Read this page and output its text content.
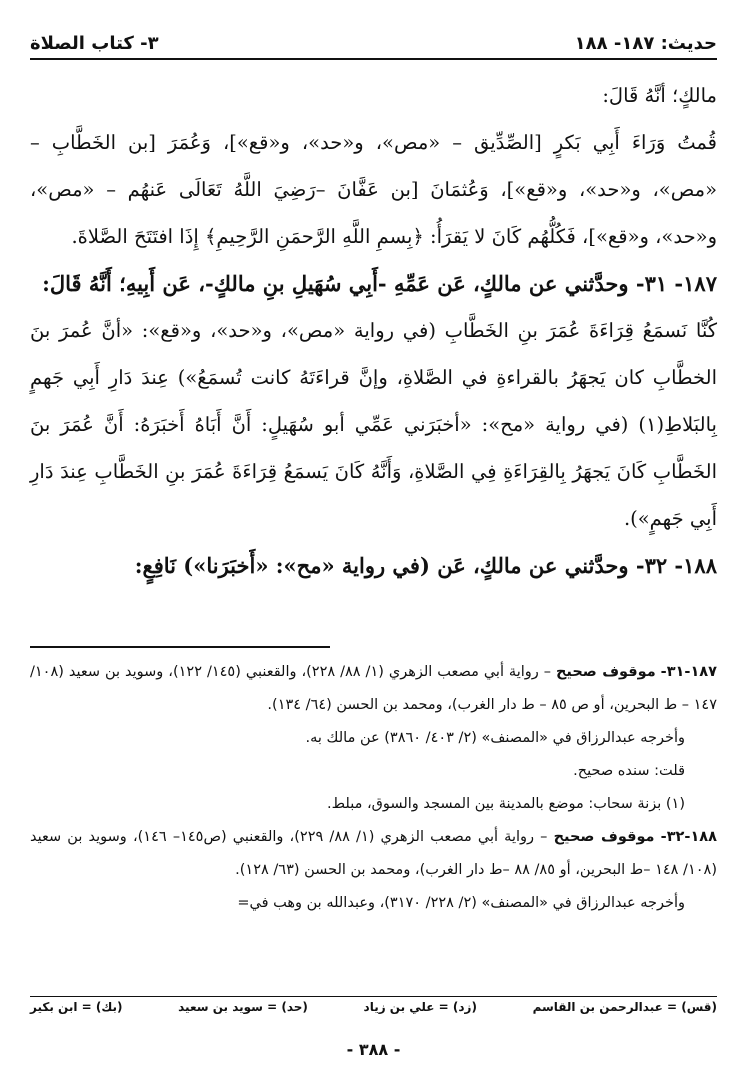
حديث: ١٨٧- ١٨٨
٣- كتاب الصلاة

مالكٍ؛ أنَّهُ قَالَ:

قُمتُ وَرَاءَ أَبِي بَكرٍ [الصِّدِّيق – «مص»، و«حد»، و«قع»]، وَعُمَرَ [بن الخَطَّابِ – «مص»، و«حد»، و«قع»]، وَعُثمَانَ [بن عَفَّانَ –رَضِيَ اللَّهُ تَعَالَى عَنهُم – «مص»، و«حد»، و«قع»]، فَكُلُّهُم كَانَ لا يَقرَأُ: ﴿بِسمِ اللَّهِ الرَّحمَنِ الرَّحِيمِ﴾ إِذَا افتَتَحَ الصَّلاةَ.

١٨٧- ٣١- وحدَّثني عن مالكٍ، عَن عَمِّهِ -أَبِي سُهَيلِ بنِ مالكٍ-، عَن أَبِيهِ؛ أَنَّهُ قَالَ:

كُنَّا نَسمَعُ قِرَاءَةَ عُمَرَ بنِ الخَطَّابِ (في رواية «مص»، و«حد»، و«قع»: «أنَّ عُمرَ بنَ الخطَّابِ كان يَجهَرُ بالقراءةِ في الصَّلاةِ، وإنَّ قراءَتَهُ كانت تُسمَعُ») عِندَ دَارِ أَبِي جَهمٍ بِالبَلاطِ(١) (في رواية «مح»: «أخبَرَني عَمِّي أبو سُهَيلٍ: أَنَّ أَبَاهُ أَخبَرَهُ: أَنَّ عُمَرَ بنَ الخَطَّابِ كَانَ يَجهَرُ بِالقِرَاءَةِ فِي الصَّلاةِ، وَأَنَّهُ كَانَ يَسمَعُ قِرَاءَةَ عُمَرَ بنِ الخَطَّابِ عِندَ دَارِ أَبِي جَهمٍ»).

١٨٨- ٣٢- وحدَّثني عن مالكٍ، عَن (في رواية «مح»: «أَخبَرَنا») نَافِعٍ:

١٨٧-٣١- موقوف صحيح – رواية أبي مصعب الزهري (١/ ٨٨/ ٢٢٨)، والقعنبي (١٤٥/ ١٢٢)، وسويد بن سعيد (١٠٨/ ١٤٧ – ط البحرين، أو ص ٨٥ – ط دار الغرب)، ومحمد بن الحسن (٦٤/ ١٣٤).

وأخرجه عبدالرزاق في «المصنف» (٢/ ٤٠٣/ ٣٨٦٠) عن مالك به.

قلت: سنده صحيح.

(١) بزنة سحاب: موضع بالمدينة بين المسجد والسوق، مبلط.

١٨٨-٣٢- موقوف صحيح – رواية أبي مصعب الزهري (١/ ٨٨/ ٢٢٩)، والقعنبي (ص١٤٥– ١٤٦)، وسويد بن سعيد (١٠٨/ ١٤٨ –ط البحرين، أو ٨٥/ ٨٨ –ط دار الغرب)، ومحمد بن الحسن (٦٣/ ١٢٨).

وأخرجه عبدالرزاق في «المصنف» (٢/ ٢٢٨/ ٣١٧٠)، وعبدالله بن وهب في=

(قس) = عبدالرحمن بن القاسم
(زد) = علي بن زياد
(حد) = سويد بن سعيد
(بك) = ابن بكير
- ٣٨٨ -
